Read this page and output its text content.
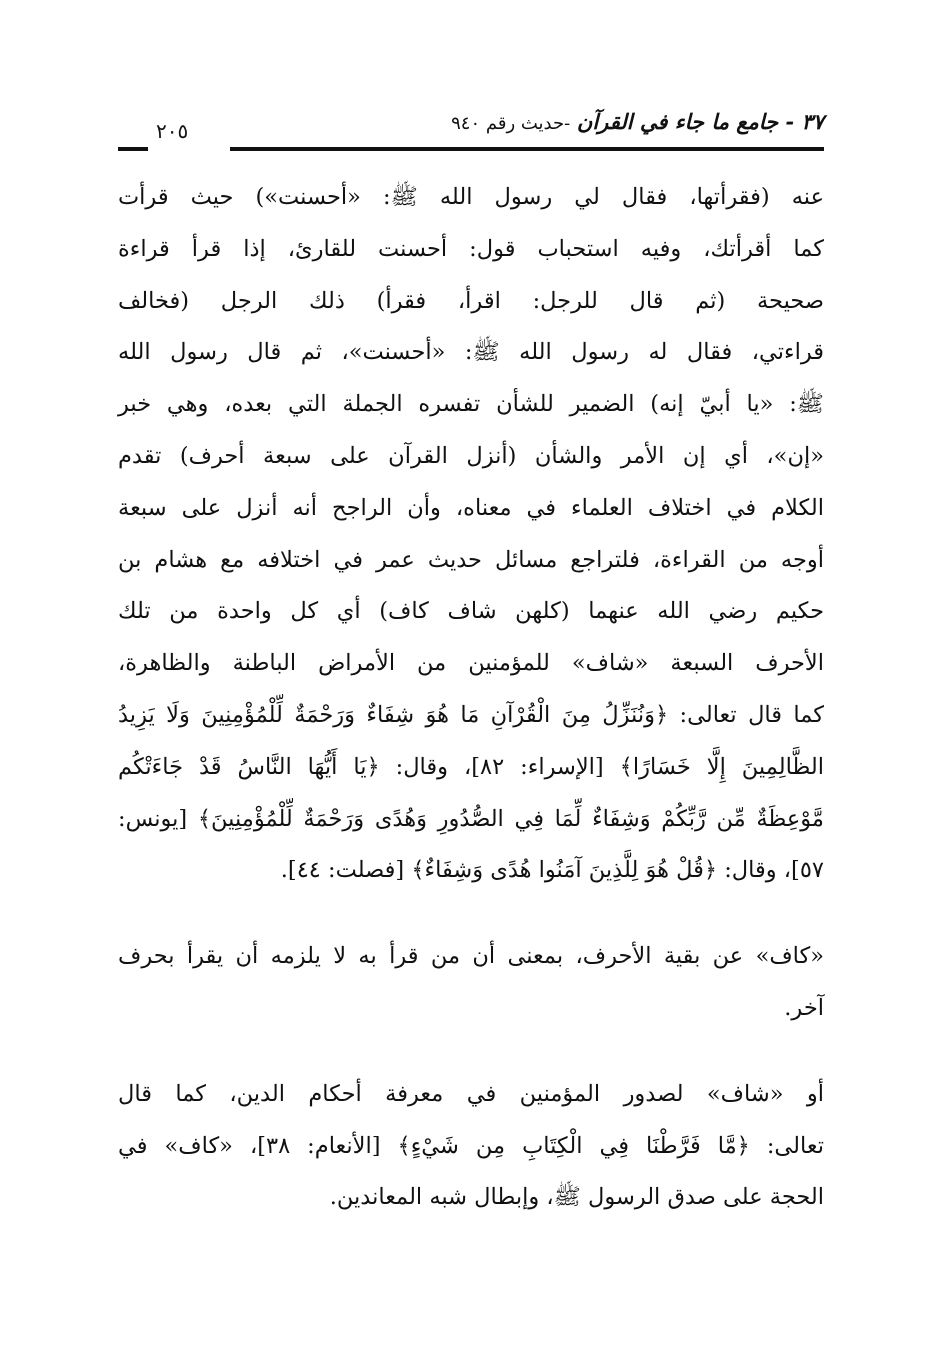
٣٧ - جامع ما جاء في القرآن -حديث رقم ٩٤٠
٢٠٥
عنه (فقرأتها، فقال لي رسول الله ﷺ: «أحسنت») حيث قرأت
كما أقرأتك، وفيه استحباب قول: أحسنت للقارئ، إذا قرأ قراءة
صحيحة (ثم قال للرجل: اقرأ، فقرأ) ذلك الرجل (فخالف
قراءتي، فقال له رسول الله ﷺ: «أحسنت»، ثم قال رسول الله
ﷺ: «يا أبيّ إنه) الضمير للشأن تفسره الجملة التي بعده، وهي خبر
«إن»، أي إن الأمر والشأن (أنزل القرآن على سبعة أحرف) تقدم
الكلام في اختلاف العلماء في معناه، وأن الراجح أنه أنزل على سبعة
أوجه من القراءة، فلتراجع مسائل حديث عمر في اختلافه مع هشام بن
حكيم رضي الله عنهما (كلهن شاف كاف) أي كل واحدة من تلك
الأحرف السبعة «شاف» للمؤمنين من الأمراض الباطنة والظاهرة،
كما قال تعالى: ﴿وَنُنَزِّلُ مِنَ الْقُرْآنِ مَا هُوَ شِفَاءٌ وَرَحْمَةٌ لِّلْمُؤْمِنِينَ وَلَا يَزِيدُ
الظَّالِمِينَ إِلَّا خَسَارًا﴾ [الإسراء: ٨٢]، وقال: ﴿يَا أَيُّهَا النَّاسُ قَدْ جَاءَتْكُم
مَّوْعِظَةٌ مِّن رَّبِّكُمْ وَشِفَاءٌ لِّمَا فِي الصُّدُورِ وَهُدًى وَرَحْمَةٌ لِّلْمُؤْمِنِينَ﴾ [يونس:
٥٧]، وقال: ﴿قُلْ هُوَ لِلَّذِينَ آمَنُوا هُدًى وَشِفَاءٌ﴾ [فصلت: ٤٤].
«كاف» عن بقية الأحرف، بمعنى أن من قرأ به لا يلزمه أن يقرأ بحرف
آخر.
أو «شاف» لصدور المؤمنين في معرفة أحكام الدين، كما قال
تعالى: ﴿مَّا فَرَّطْنَا فِي الْكِتَابِ مِن شَيْءٍ﴾ [الأنعام: ٣٨]، «كاف» في
الحجة على صدق الرسول ﷺ، وإبطال شبه المعاندين.
